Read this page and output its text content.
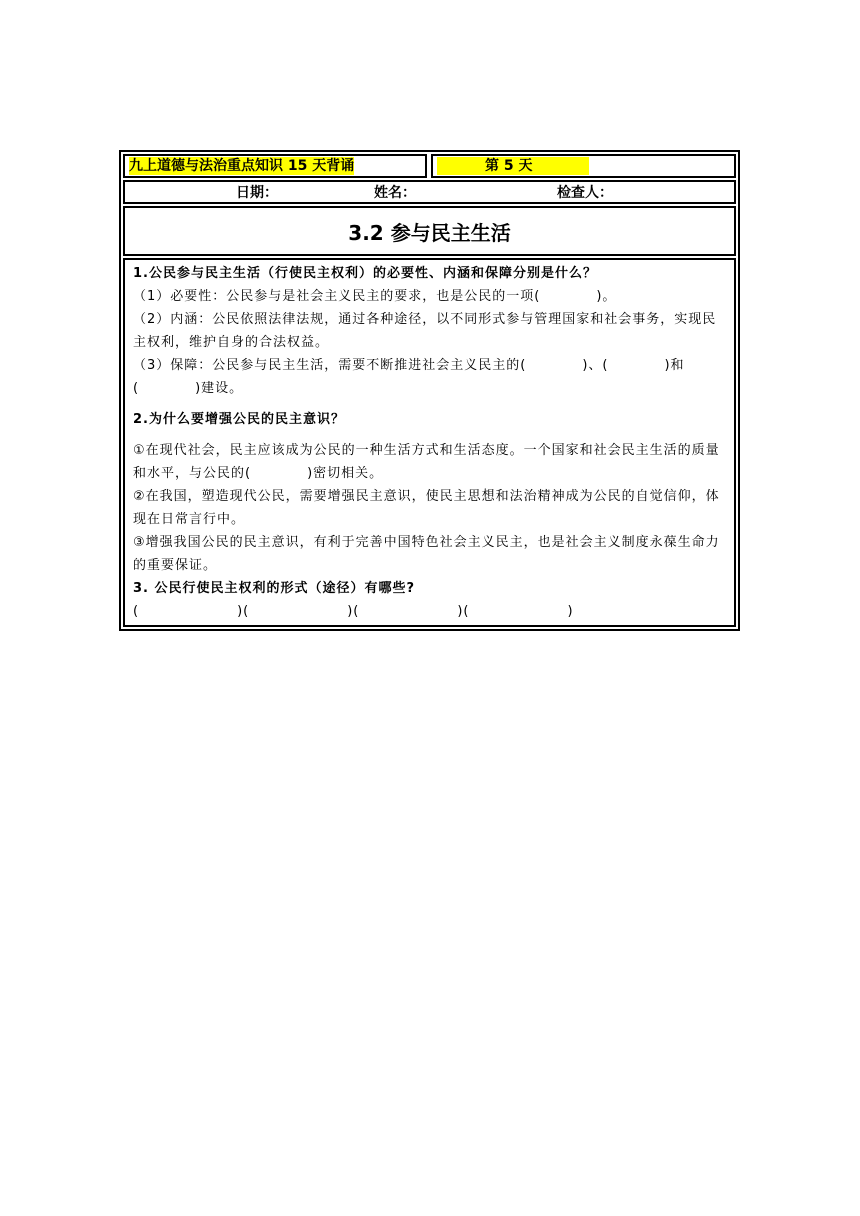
九上道德与法治重点知识 15 天背诵	第 5 天
日期：	姓名：	检查人：
3.2 参与民主生活

1.公民参与民主生活（行使民主权利）的必要性、内涵和保障分别是什么？

（1）必要性：公民参与是社会主义民主的要求，也是公民的一项(　　　　)。

（2）内涵：公民依照法律法规，通过各种途径，以不同形式参与管理国家和社会事务，实现民主权利，维护自身的合法权益。

（3）保障：公民参与民主生活，需要不断推进社会主义民主的(　　　　)、(　　　　)和(　　　　)建设。

2.为什么要增强公民的民主意识？

①在现代社会，民主应该成为公民的一种生活方式和生活态度。一个国家和社会民主生活的质量和水平，与公民的(　　　　)密切相关。

②在我国，塑造现代公民，需要增强民主意识，使民主思想和法治精神成为公民的自觉信仰，体现在日常言行中。

③增强我国公民的民主意识，有利于完善中国特色社会主义民主，也是社会主义制度永葆生命力的重要保证。

3. 公民行使民主权利的形式（途径）有哪些?

(　　　　　　　)(　　　　　　　)(　　　　　　　)(　　　　　　　)
